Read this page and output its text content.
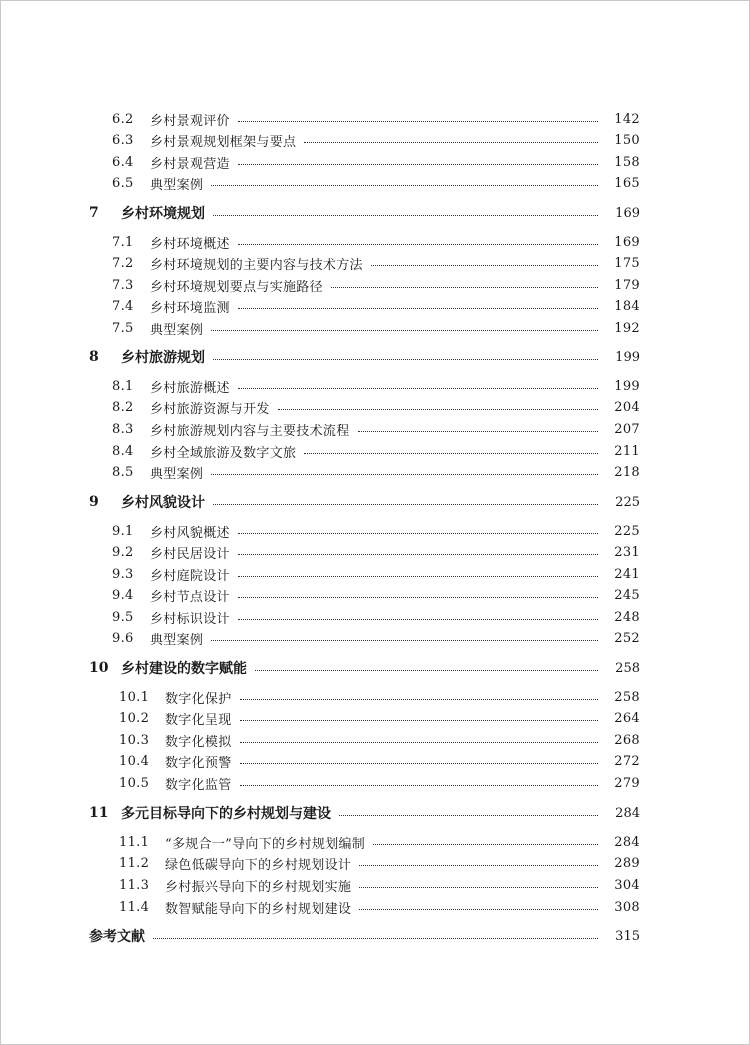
6.2	乡村景观评价	142
6.3	乡村景观规划框架与要点	150
6.4	乡村景观营造	158
6.5	典型案例	165
7	乡村环境规划	169
7.1	乡村环境概述	169
7.2	乡村环境规划的主要内容与技术方法	175
7.3	乡村环境规划要点与实施路径	179
7.4	乡村环境监测	184
7.5	典型案例	192
8	乡村旅游规划	199
8.1	乡村旅游概述	199
8.2	乡村旅游资源与开发	204
8.3	乡村旅游规划内容与主要技术流程	207
8.4	乡村全域旅游及数字文旅	211
8.5	典型案例	218
9	乡村风貌设计	225
9.1	乡村风貌概述	225
9.2	乡村民居设计	231
9.3	乡村庭院设计	241
9.4	乡村节点设计	245
9.5	乡村标识设计	248
9.6	典型案例	252
10 乡村建设的数字赋能	258
10.1	数字化保护	258
10.2	数字化呈现	264
10.3	数字化模拟	268
10.4	数字化预警	272
10.5	数字化监管	279
11 多元目标导向下的乡村规划与建设	284
11.1	“多规合一”导向下的乡村规划编制	284
11.2	绿色低碳导向下的乡村规划设计	289
11.3	乡村振兴导向下的乡村规划实施	304
11.4	数智赋能导向下的乡村规划建设	308
参考文献	315
